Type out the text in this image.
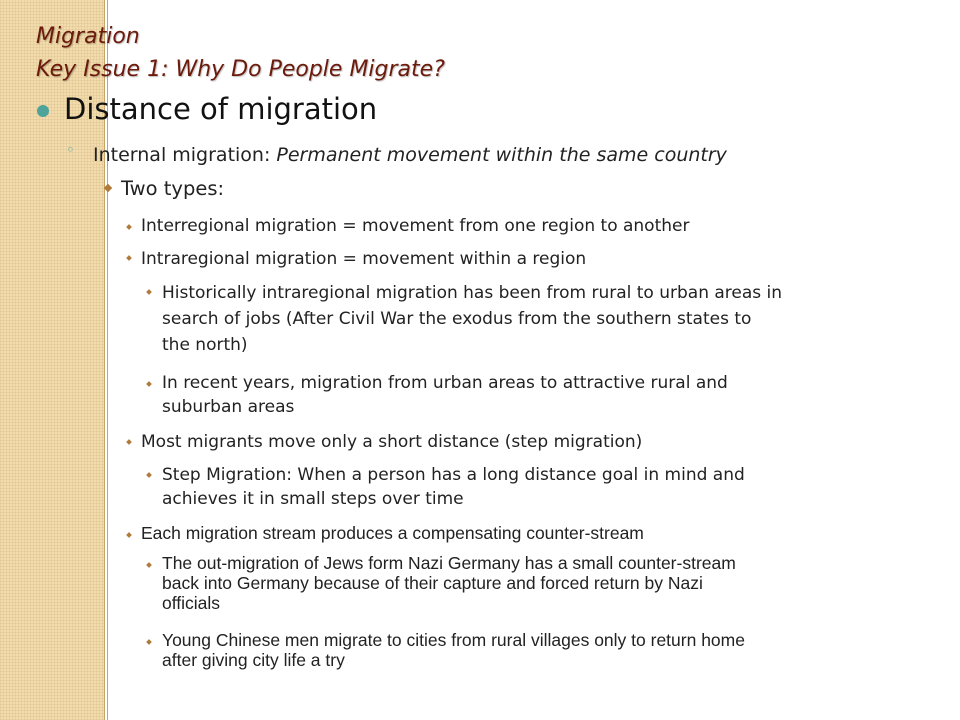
Migration
Key Issue 1: Why Do People Migrate?
Distance of migration
◦ Internal migration: Permanent movement within the same country
Two types:
Interregional migration = movement from one region to another
Intraregional migration = movement within a region
Historically intraregional migration has been from rural to urban areas in
search of jobs (After Civil War the exodus from the southern states to
the north)
In recent years, migration from urban areas to attractive rural and
suburban areas
Most migrants move only a short distance (step migration)
Step Migration: When a person has a long distance goal in mind and
achieves it in small steps over time
Each migration stream produces a compensating counter-stream
The out-migration of Jews form Nazi Germany has a small counter-stream
back into Germany because of their capture and forced return by Nazi
officials
Young Chinese men migrate to cities from rural villages only to return home
after giving city life a try
